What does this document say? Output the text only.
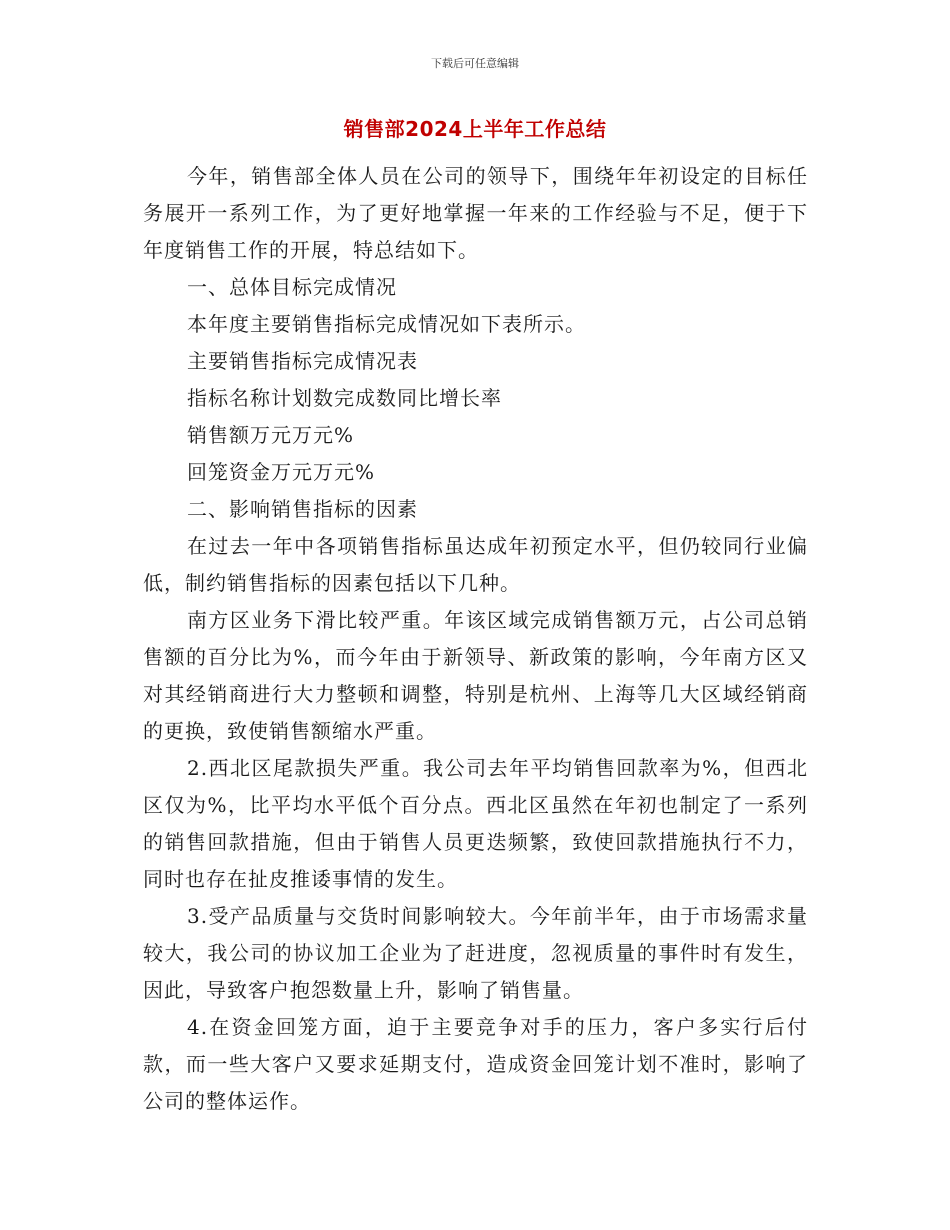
下载后可任意编辑
销售部2024上半年工作总结

今年，销售部全体人员在公司的领导下，围绕年年初设定的目标任务展开一系列工作，为了更好地掌握一年来的工作经验与不足，便于下年度销售工作的开展，特总结如下。

一、总体目标完成情况

本年度主要销售指标完成情况如下表所示。

主要销售指标完成情况表

指标名称计划数完成数同比增长率

销售额万元万元%

回笼资金万元万元%

二、影响销售指标的因素

在过去一年中各项销售指标虽达成年初预定水平，但仍较同行业偏低，制约销售指标的因素包括以下几种。

南方区业务下滑比较严重。年该区域完成销售额万元，占公司总销售额的百分比为%，而今年由于新领导、新政策的影响，今年南方区又对其经销商进行大力整顿和调整，特别是杭州、上海等几大区域经销商的更换，致使销售额缩水严重。

2.西北区尾款损失严重。我公司去年平均销售回款率为%，但西北区仅为%，比平均水平低个百分点。西北区虽然在年初也制定了一系列的销售回款措施，但由于销售人员更迭频繁，致使回款措施执行不力，同时也存在扯皮推诿事情的发生。

3.受产品质量与交货时间影响较大。今年前半年，由于市场需求量较大，我公司的协议加工企业为了赶进度，忽视质量的事件时有发生，因此，导致客户抱怨数量上升，影响了销售量。

4.在资金回笼方面，迫于主要竞争对手的压力，客户多实行后付款，而一些大客户又要求延期支付，造成资金回笼计划不准时，影响了公司的整体运作。
